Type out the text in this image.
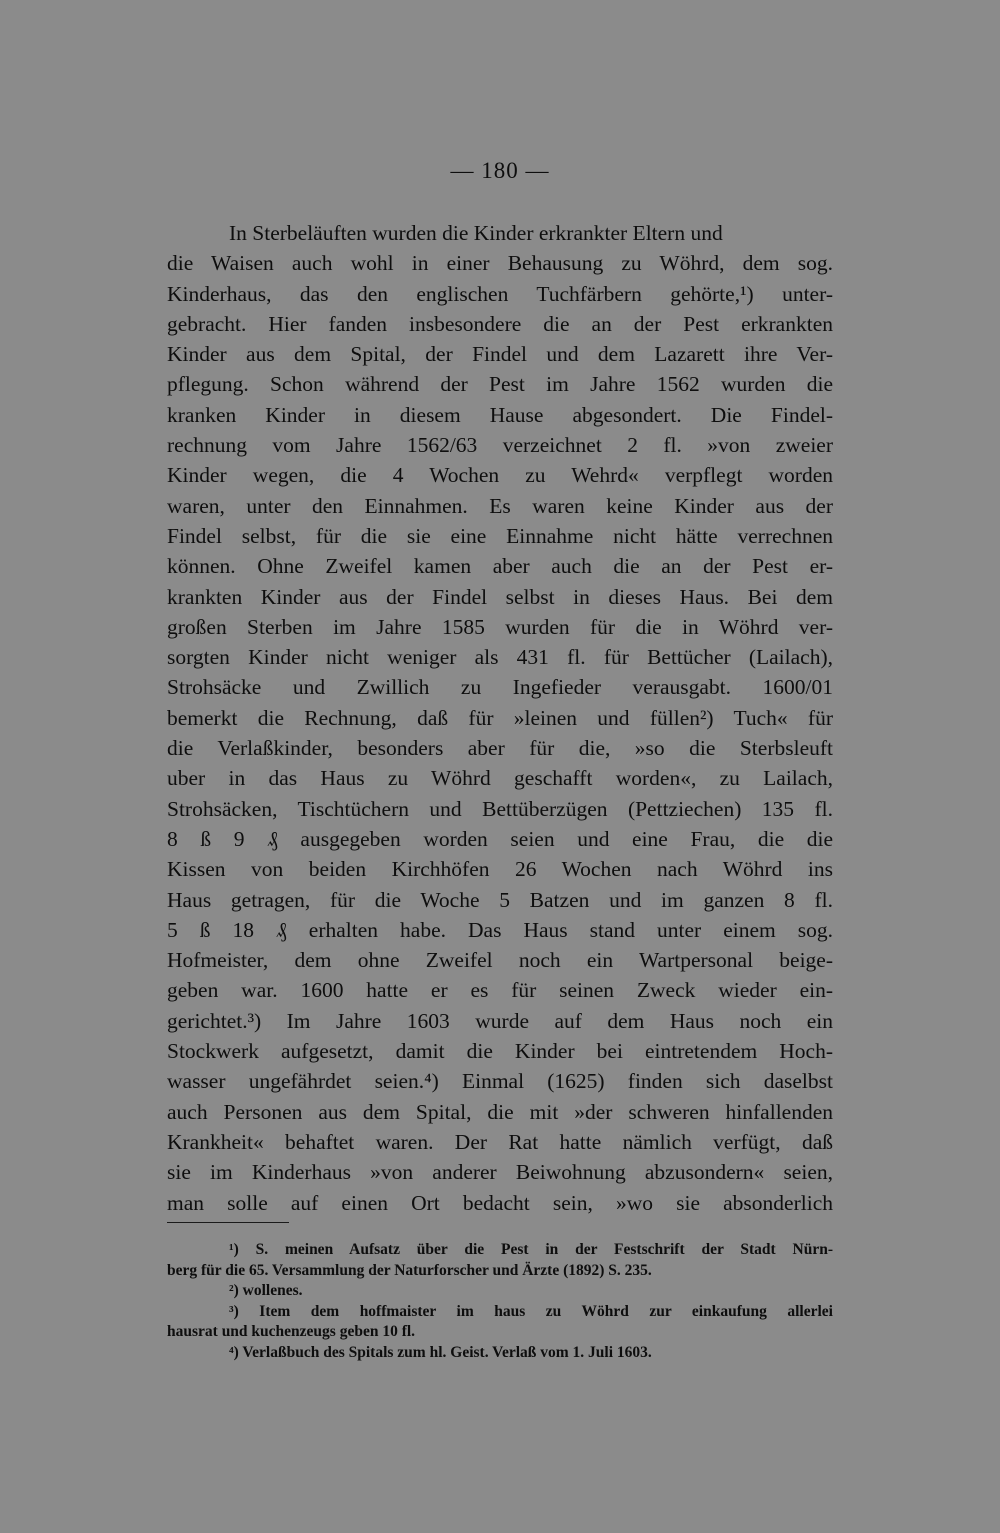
— 180 —
In Sterbeläuften wurden die Kinder erkrankter Eltern und
die Waisen auch wohl in einer Behausung zu Wöhrd, dem sog.
Kinderhaus, das den englischen Tuchfärbern gehörte,¹) unter-
gebracht. Hier fanden insbesondere die an der Pest erkrankten
Kinder aus dem Spital, der Findel und dem Lazarett ihre Ver-
pflegung. Schon während der Pest im Jahre 1562 wurden die
kranken Kinder in diesem Hause abgesondert. Die Findel-
rechnung vom Jahre 1562/63 verzeichnet 2 fl. »von zweier
Kinder wegen, die 4 Wochen zu Wehrd« verpflegt worden
waren, unter den Einnahmen. Es waren keine Kinder aus der
Findel selbst, für die sie eine Einnahme nicht hätte verrechnen
können. Ohne Zweifel kamen aber auch die an der Pest er-
krankten Kinder aus der Findel selbst in dieses Haus. Bei dem
großen Sterben im Jahre 1585 wurden für die in Wöhrd ver-
sorgten Kinder nicht weniger als 431 fl. für Bettücher (Lailach),
Strohsäcke und Zwillich zu Ingefieder verausgabt. 1600/01
bemerkt die Rechnung, daß für »leinen und füllen²) Tuch« für
die Verlaßkinder, besonders aber für die, »so die Sterbsleuft
uber in das Haus zu Wöhrd geschafft worden«, zu Lailach,
Strohsäcken, Tischtüchern und Bettüberzügen (Pettziechen) 135 fl.
8 ß 9 ₰ ausgegeben worden seien und eine Frau, die die
Kissen von beiden Kirchhöfen 26 Wochen nach Wöhrd ins
Haus getragen, für die Woche 5 Batzen und im ganzen 8 fl.
5 ß 18 ₰ erhalten habe. Das Haus stand unter einem sog.
Hofmeister, dem ohne Zweifel noch ein Wartpersonal beige-
geben war. 1600 hatte er es für seinen Zweck wieder ein-
gerichtet.³) Im Jahre 1603 wurde auf dem Haus noch ein
Stockwerk aufgesetzt, damit die Kinder bei eintretendem Hoch-
wasser ungefährdet seien.⁴) Einmal (1625) finden sich daselbst
auch Personen aus dem Spital, die mit »der schweren hinfallenden
Krankheit« behaftet waren. Der Rat hatte nämlich verfügt, daß
sie im Kinderhaus »von anderer Beiwohnung abzusondern« seien,
man solle auf einen Ort bedacht sein, »wo sie absonderlich
¹) S. meinen Aufsatz über die Pest in der Festschrift der Stadt Nürn-
berg für die 65. Versammlung der Naturforscher und Ärzte (1892) S. 235.
²) wollenes.
³) Item dem hoffmaister im haus zu Wöhrd zur einkaufung allerlei
hausrat und kuchenzeugs geben 10 fl.
⁴) Verlaßbuch des Spitals zum hl. Geist. Verlaß vom 1. Juli 1603.
